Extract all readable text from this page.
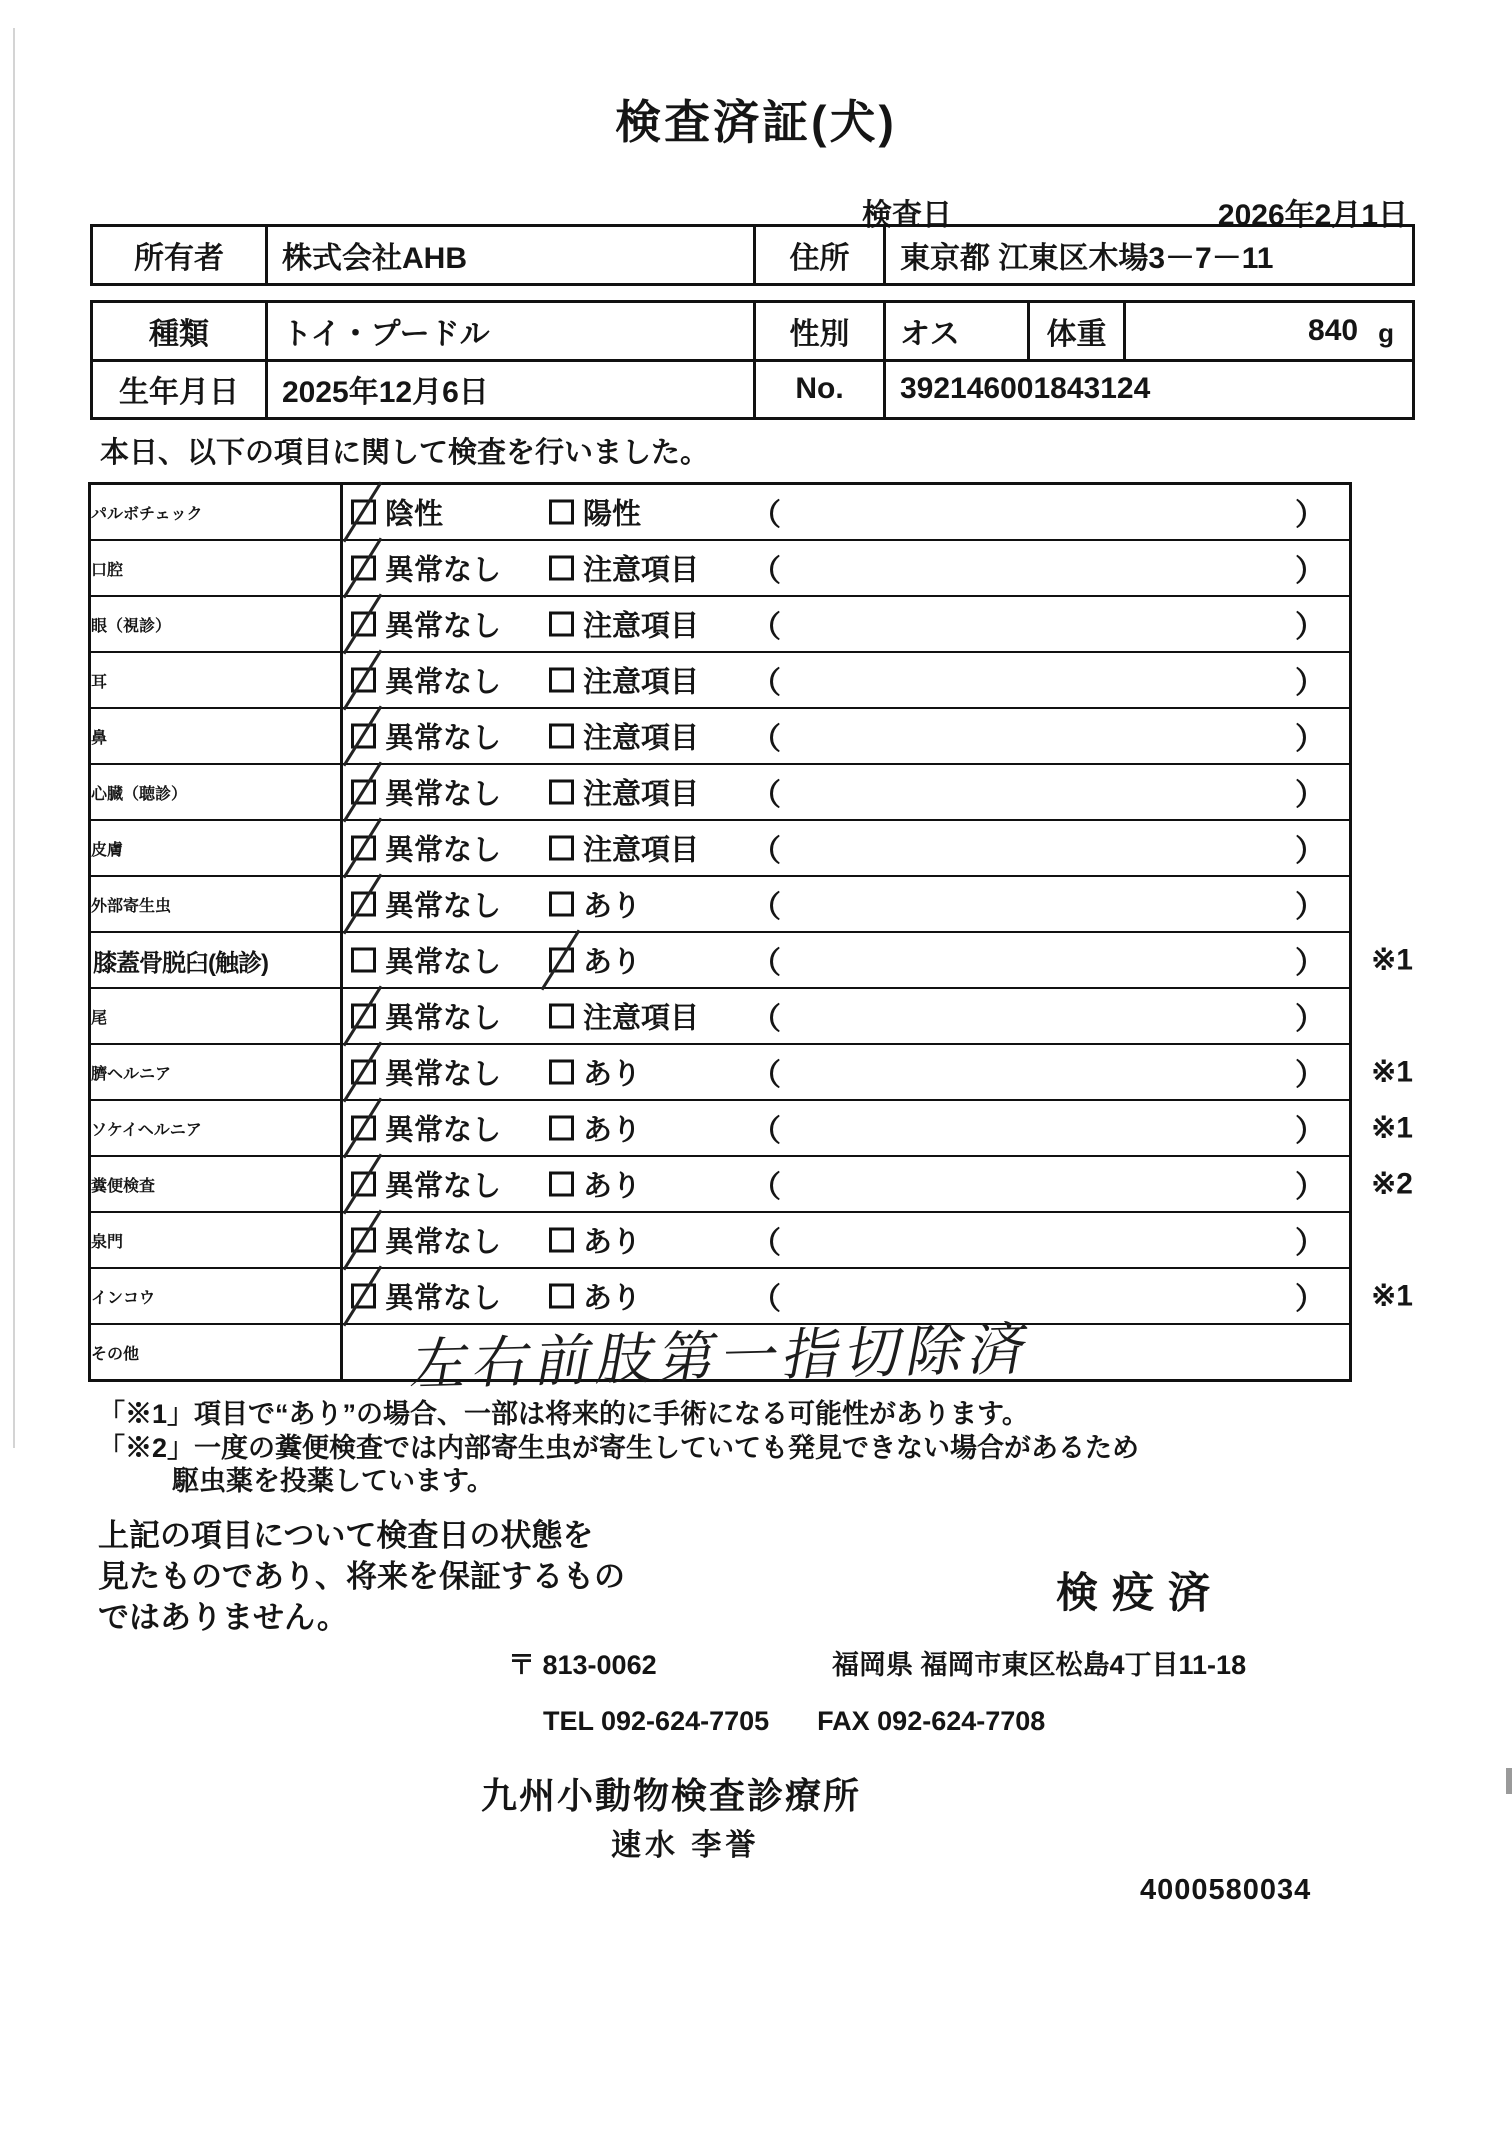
検査済証(犬)
検査日	2026年2月1日
所有者	株式会社AHB	住所	東京都 江東区木場3－7－11
種類	トイ・プードル	性別	オス	体重	840 g
生年月日	2025年12月6日	No.	392146001843124
本日、以下の項目に関して検査を行いました。
パルボチェック	陰性	陽性	（	）
口腔	異常なし	注意項目 （	）
眼（視診）	異常なし	注意項目 （	）
耳	異常なし	注意項目 （	）
鼻	異常なし	注意項目 （	）
心臓（聴診）	異常なし	注意項目 （	）
皮膚	異常なし	注意項目 （	）
外部寄生虫	異常なし	あり	（	）
膝蓋骨脱臼(触診)	異常なし	あり	（	） ※1
尾	異常なし	注意項目 （	）
臍ヘルニア	異常なし	あり	（	） ※1
ソケイヘルニア	異常なし	あり	（	） ※1
糞便検査	異常なし	あり	（	） ※2
泉門	異常なし	あり	（	）
インコウ	異常なし	あり	（	） ※1
その他	左右前肢第一指切除済
「※1」項目で“あり”の場合、一部は将来的に手術になる可能性があります。
「※2」一度の糞便検査では内部寄生虫が寄生していても発見できない場合があるため
駆虫薬を投薬しています。
上記の項目について検査日の状態を
見たものであり、将来を保証するもの
ではありません。
検疫済
〒 813-0062	福岡県 福岡市東区松島4丁目11-18
TEL 092-624-7705 FAX 092-624-7708
九州小動物検査診療所
速水 李誉
4000580034
